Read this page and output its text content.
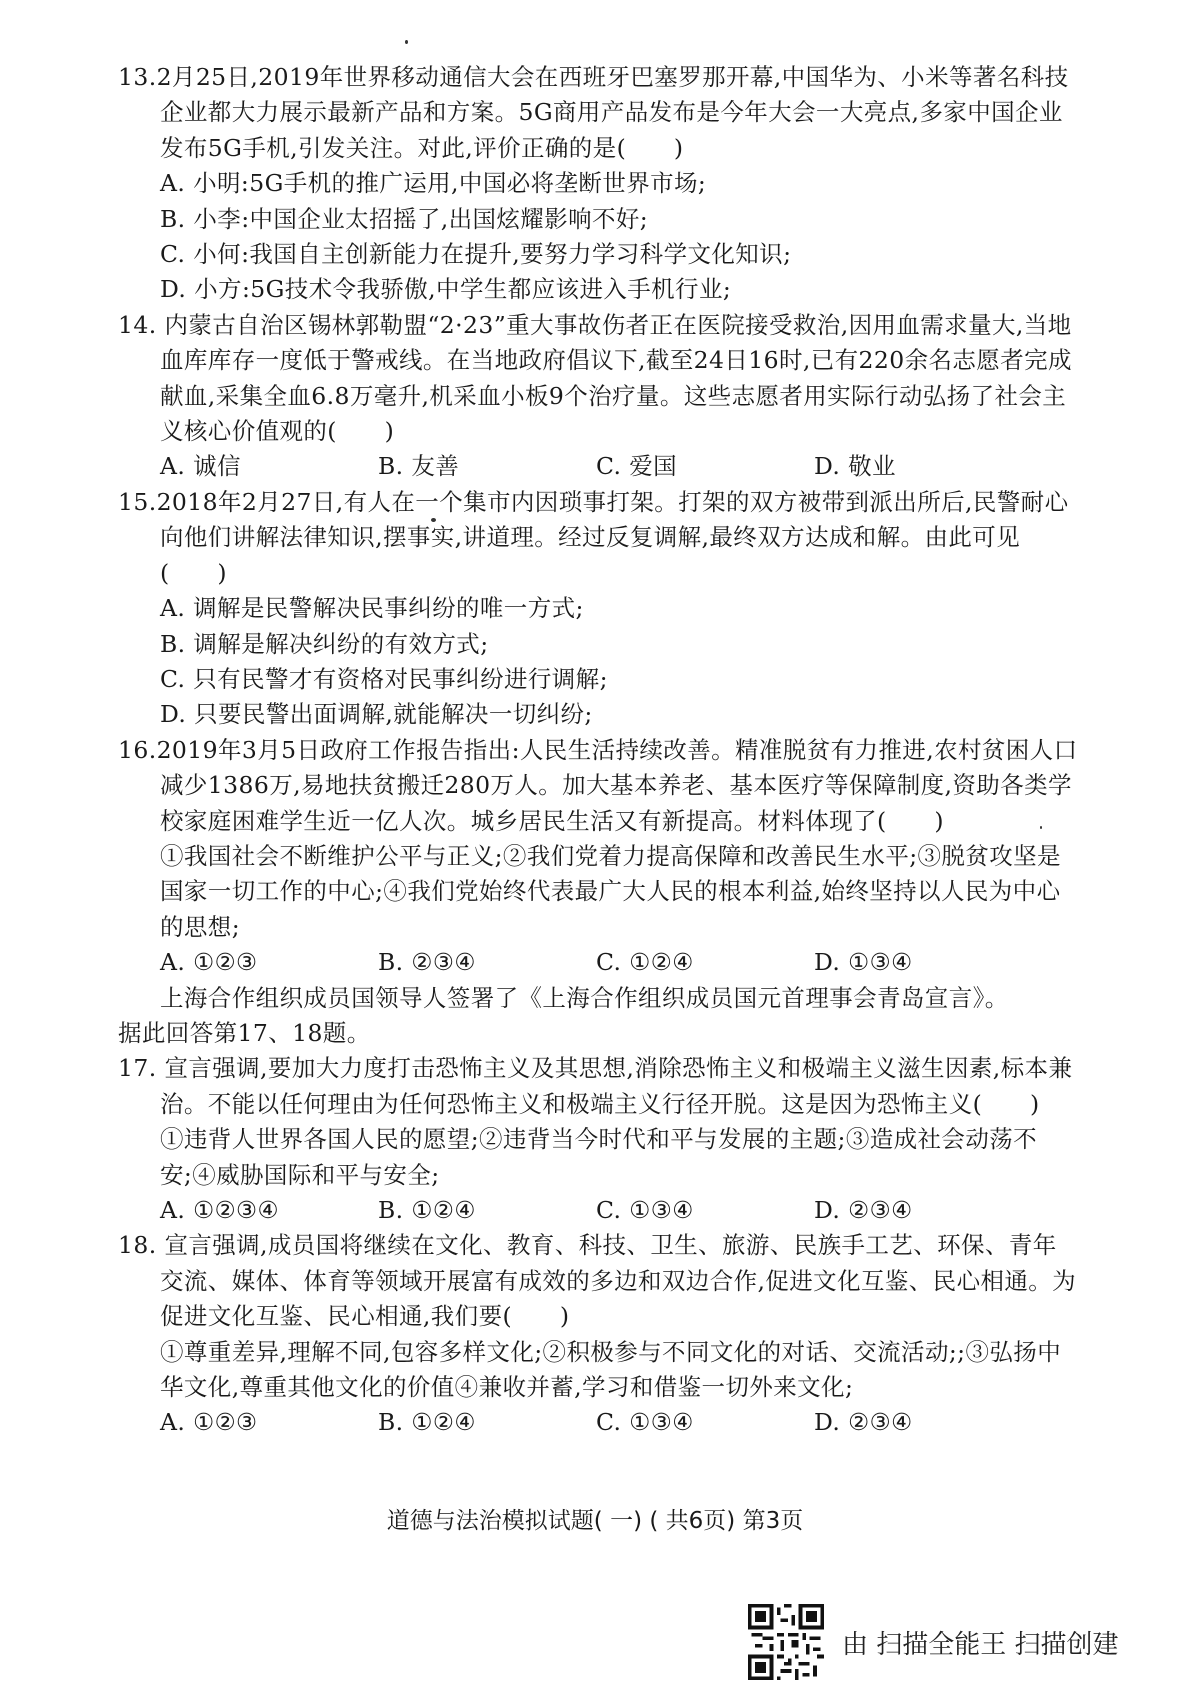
13.2月25日,2019年世界移动通信大会在西班牙巴塞罗那开幕,中国华为、小米等著名科技企业都大力展示最新产品和方案。5G商用产品发布是今年大会一大亮点,多家中国企业发布5G手机,引发关注。对此,评价正确的是(　　)
A. 小明:5G手机的推广运用,中国必将垄断世界市场;
B. 小李:中国企业太招摇了,出国炫耀影响不好;
C. 小何:我国自主创新能力在提升,要努力学习科学文化知识;
D. 小方:5G技术令我骄傲,中学生都应该进入手机行业;
14. 内蒙古自治区锡林郭勒盟“2·23”重大事故伤者正在医院接受救治,因用血需求量大,当地血库库存一度低于警戒线。在当地政府倡议下,截至24日16时,已有220余名志愿者完成献血,采集全血6.8万毫升,机采血小板9个治疗量。这些志愿者用实际行动弘扬了社会主义核心价值观的(　　)
A. 诚信	B. 友善	C. 爱国	D. 敬业
15.2018年2月27日,有人在一个集市内因琐事打架。打架的双方被带到派出所后,民警耐心向他们讲解法律知识,摆事实,讲道理。经过反复调解,最终双方达成和解。由此可见(　　)
A. 调解是民警解决民事纠纷的唯一方式;
B. 调解是解决纠纷的有效方式;
C. 只有民警才有资格对民事纠纷进行调解;
D. 只要民警出面调解,就能解决一切纠纷;
16.2019年3月5日政府工作报告指出:人民生活持续改善。精准脱贫有力推进,农村贫困人口减少1386万,易地扶贫搬迁280万人。加大基本养老、基本医疗等保障制度,资助各类学校家庭困难学生近一亿人次。城乡居民生活又有新提高。材料体现了(　　)
①我国社会不断维护公平与正义;②我们党着力提高保障和改善民生水平;③脱贫攻坚是国家一切工作的中心;④我们党始终代表最广大人民的根本利益,始终坚持以人民为中心的思想;
A. ①②③	B. ②③④	C. ①②④	D. ①③④
上海合作组织成员国领导人签署了《上海合作组织成员国元首理事会青岛宣言》。
据此回答第17、18题。
17. 宣言强调,要加大力度打击恐怖主义及其思想,消除恐怖主义和极端主义滋生因素,标本兼治。不能以任何理由为任何恐怖主义和极端主义行径开脱。这是因为恐怖主义(　　)
①违背人世界各国人民的愿望;②违背当今时代和平与发展的主题;③造成社会动荡不安;④威胁国际和平与安全;
A. ①②③④	B. ①②④	C. ①③④	D. ②③④
18. 宣言强调,成员国将继续在文化、教育、科技、卫生、旅游、民族手工艺、环保、青年交流、媒体、体育等领域开展富有成效的多边和双边合作,促进文化互鉴、民心相通。为促进文化互鉴、民心相通,我们要(　　)
①尊重差异,理解不同,包容多样文化;②积极参与不同文化的对话、交流活动;;③弘扬中华文化,尊重其他文化的价值④兼收并蓄,学习和借鉴一切外来文化;
A. ①②③	B. ①②④	C. ①③④	D. ②③④
道德与法治模拟试题( 一) ( 共6页) 第3页
由 扫描全能王 扫描创建
